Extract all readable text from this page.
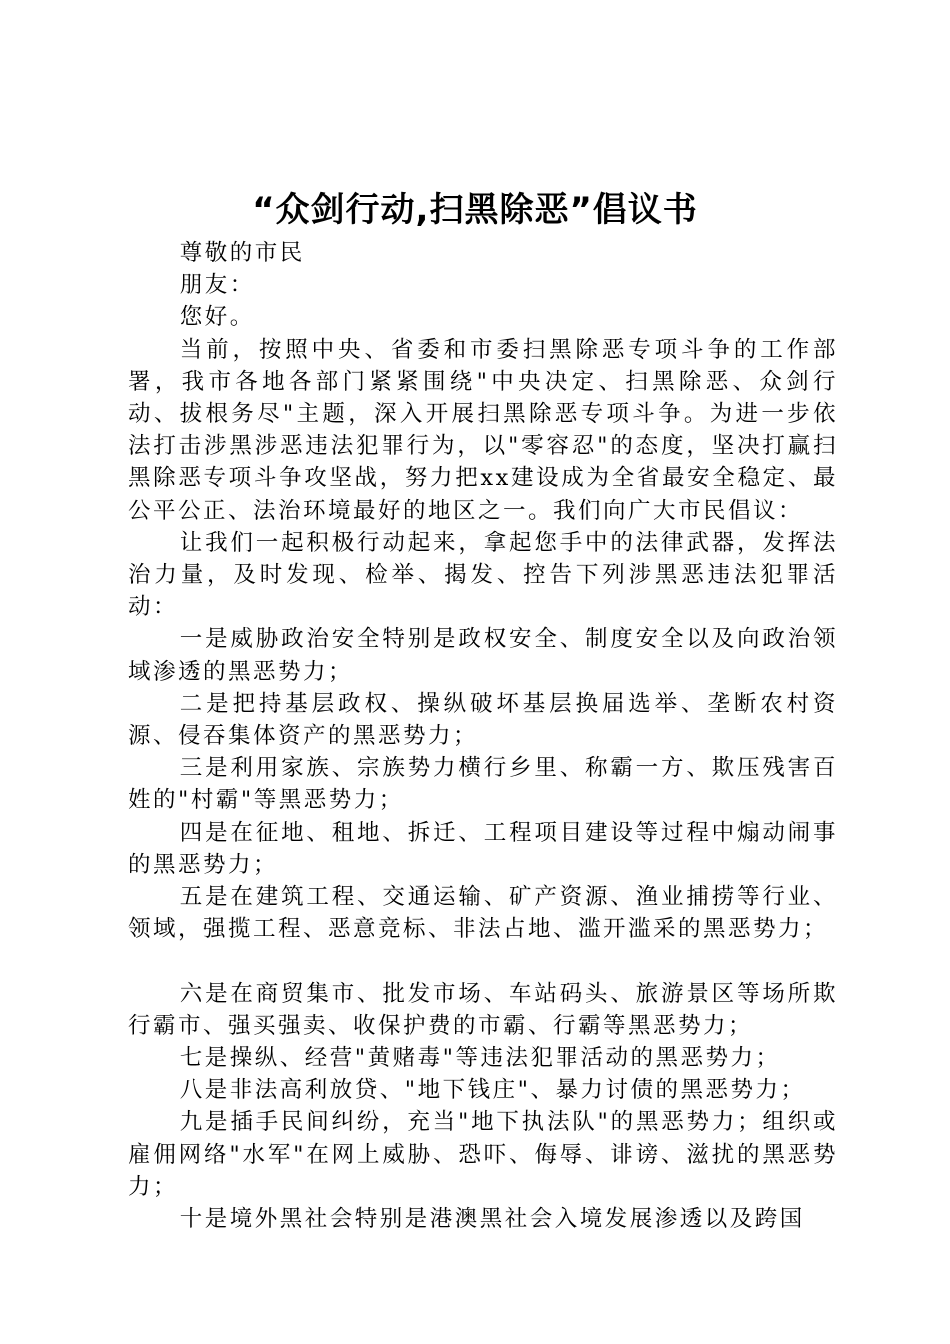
“众剑行动,扫黑除恶”倡议书

尊敬的市民

朋友：

您好。

当前，按照中央、省委和市委扫黑除恶专项斗争的工作部署，我市各地各部门紧紧围绕"中央决定、扫黑除恶、众剑行动、拔根务尽"主题，深入开展扫黑除恶专项斗争。为进一步依法打击涉黑涉恶违法犯罪行为，以"零容忍"的态度，坚决打赢扫黑除恶专项斗争攻坚战，努力把xx建设成为全省最安全稳定、最公平公正、法治环境最好的地区之一。我们向广大市民倡议：

让我们一起积极行动起来，拿起您手中的法律武器，发挥法治力量，及时发现、检举、揭发、控告下列涉黑恶违法犯罪活动：

一是威胁政治安全特别是政权安全、制度安全以及向政治领域渗透的黑恶势力；

二是把持基层政权、操纵破坏基层换届选举、垄断农村资源、侵吞集体资产的黑恶势力；

三是利用家族、宗族势力横行乡里、称霸一方、欺压残害百姓的"村霸"等黑恶势力；

四是在征地、租地、拆迁、工程项目建设等过程中煽动闹事的黑恶势力；

五是在建筑工程、交通运输、矿产资源、渔业捕捞等行业、领域，强揽工程、恶意竞标、非法占地、滥开滥采的黑恶势力；

六是在商贸集市、批发市场、车站码头、旅游景区等场所欺行霸市、强买强卖、收保护费的市霸、行霸等黑恶势力；

七是操纵、经营"黄赌毒"等违法犯罪活动的黑恶势力；

八是非法高利放贷、"地下钱庄"、暴力讨债的黑恶势力；

九是插手民间纠纷，充当"地下执法队"的黑恶势力；组织或雇佣网络"水军"在网上威胁、恐吓、侮辱、诽谤、滋扰的黑恶势力；

十是境外黑社会特别是港澳黑社会入境发展渗透以及跨国
